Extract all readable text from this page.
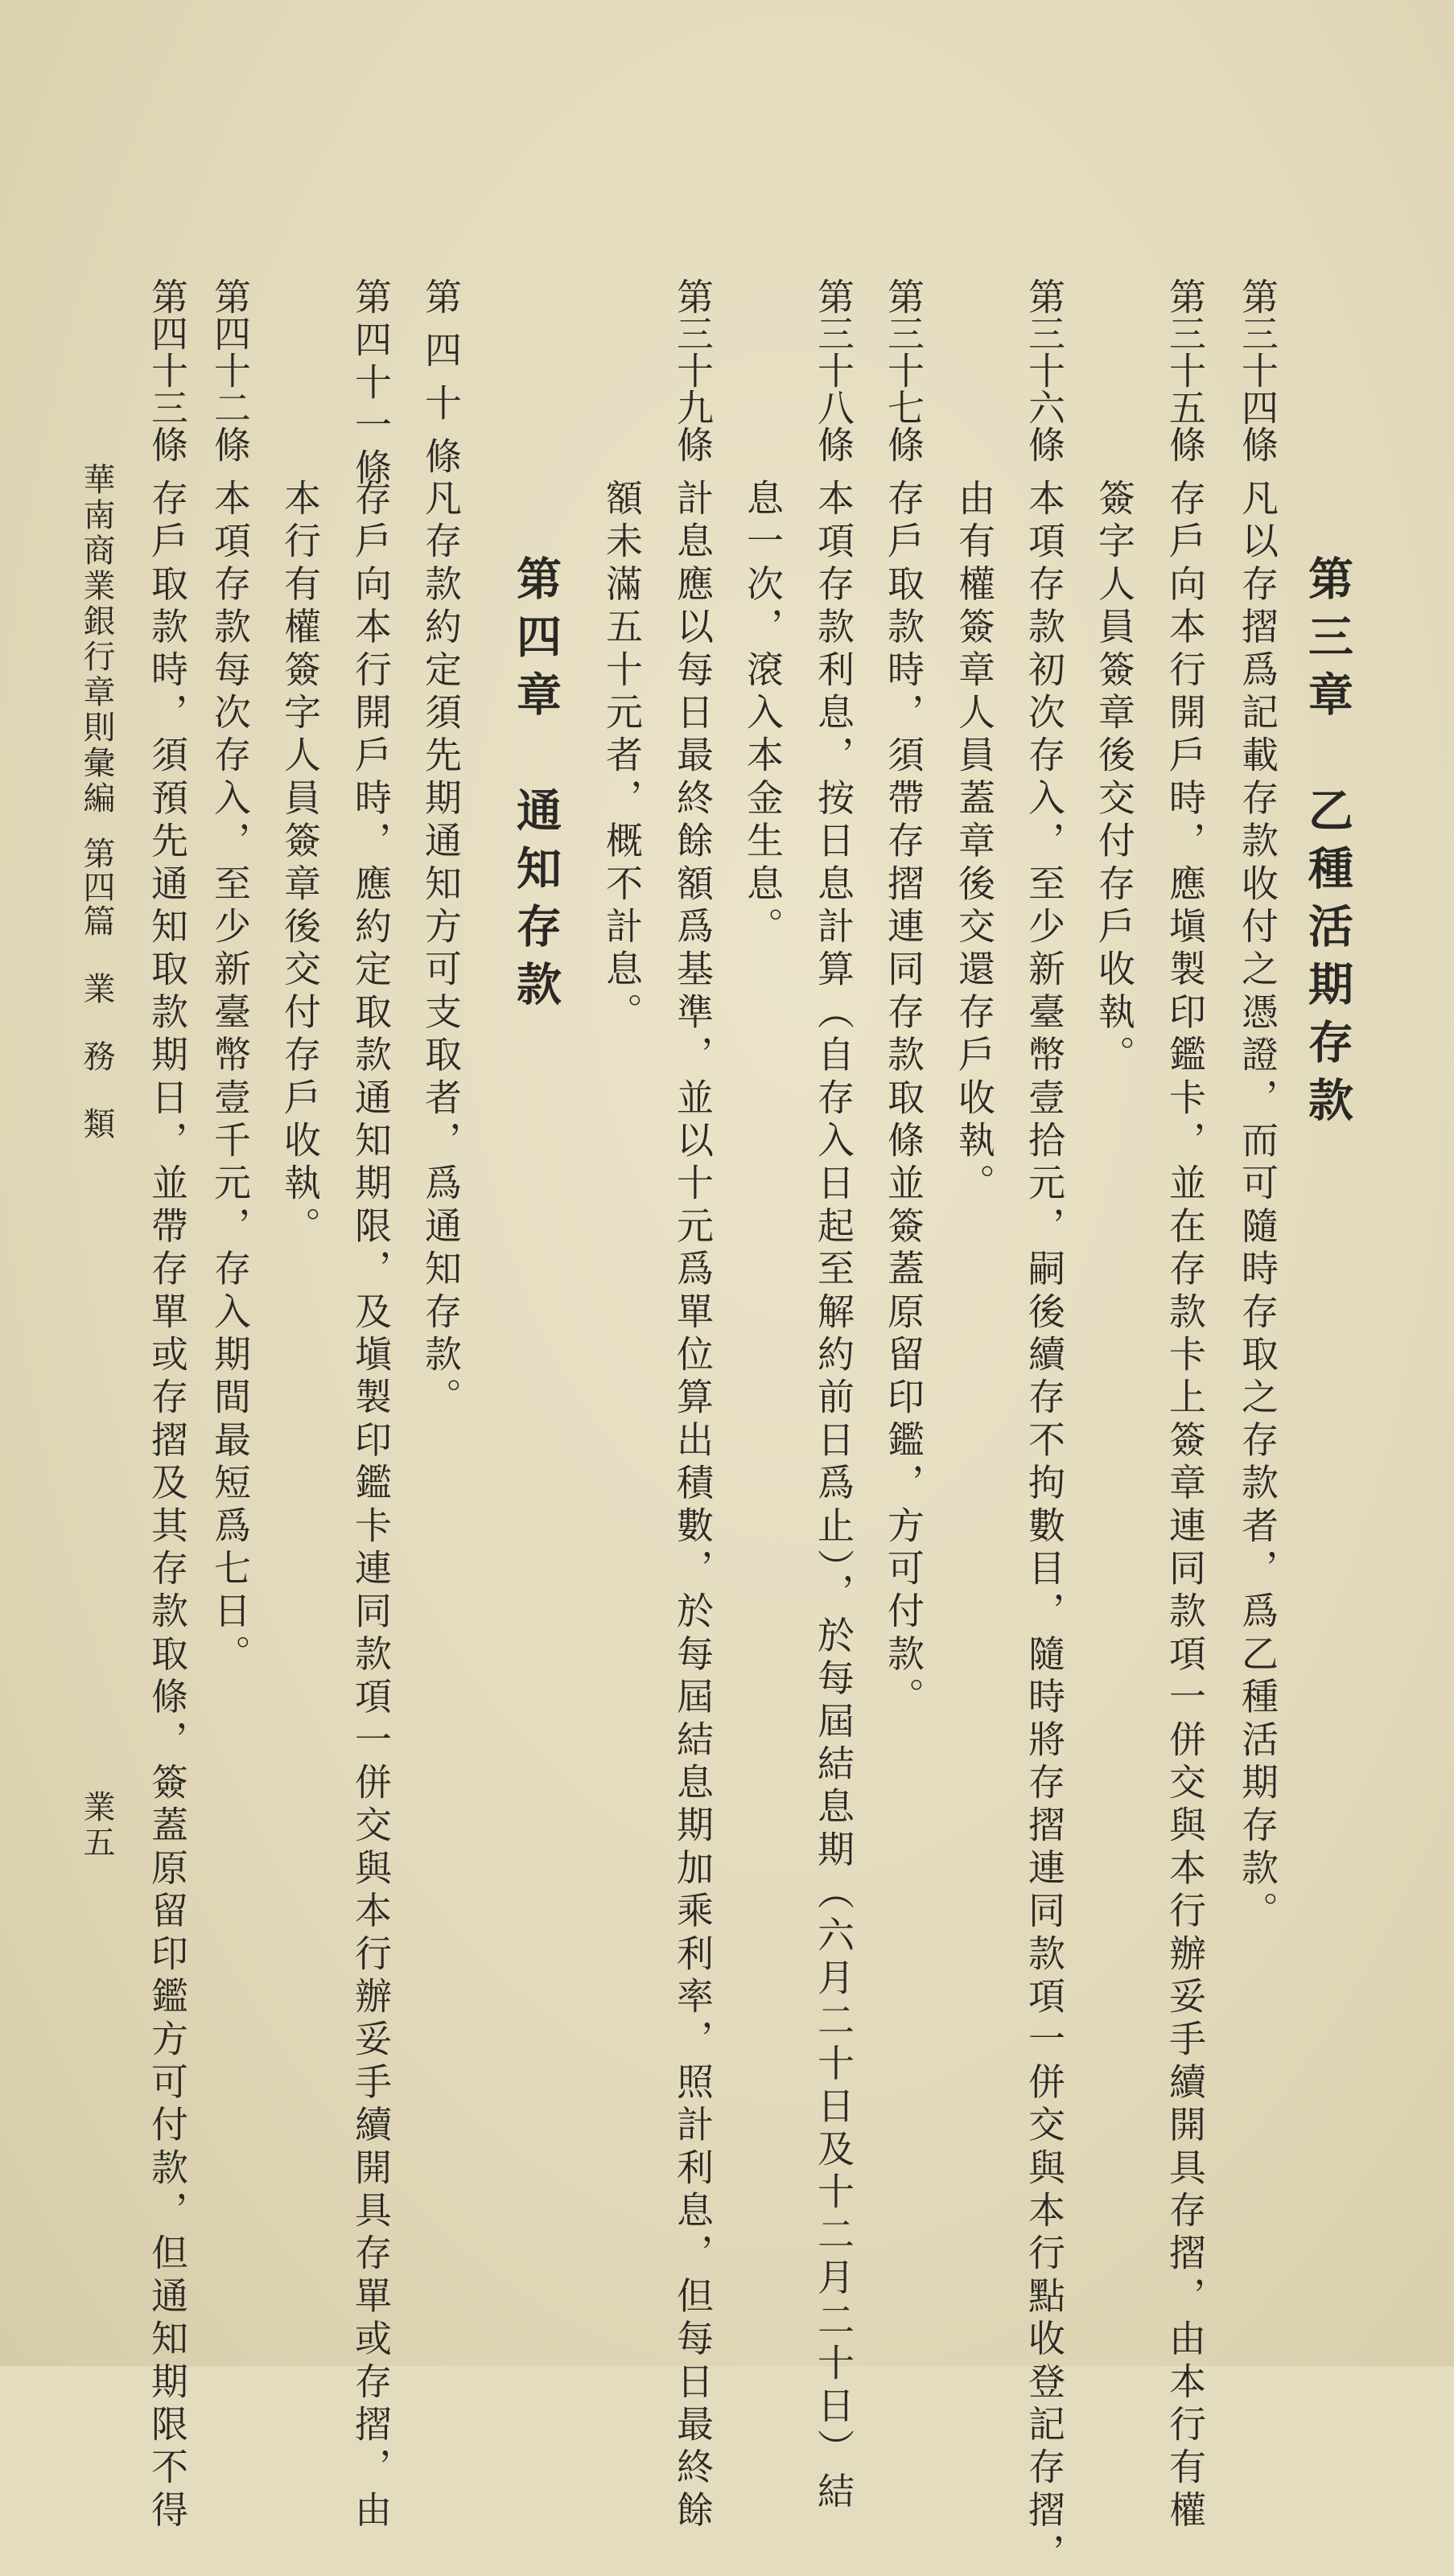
第三章　乙種活期存款
第三十四條
凡以存摺爲記載存款收付之憑證，而可隨時存取之存款者，爲乙種活期存款。
第三十五條
存戶向本行開戶時，應塡製印鑑卡，並在存款卡上簽章連同款項一併交與本行辦妥手續開具存摺，由本行有權
簽字人員簽章後交付存戶收執。
第三十六條
本項存款初次存入，至少新臺幣壹拾元，嗣後續存不拘數目，隨時將存摺連同款項一併交與本行點收登記存摺，
由有權簽章人員蓋章後交還存戶收執。
第三十七條
存戶取款時，須帶存摺連同存款取條並簽蓋原留印鑑，方可付款。
第三十八條
本項存款利息，按日息計算（自存入日起至解約前日爲止），於每屆結息期（六月二十日及十二月二十日）結
息一次，滾入本金生息。
第三十九條
計息應以每日最終餘額爲基準，並以十元爲單位算出積數，於每屆結息期加乘利率，照計利息，但每日最終餘
額未滿五十元者，概不計息。
第四章　通知存款
第四十條
凡存款約定須先期通知方可支取者，爲通知存款。
第四十一條
存戶向本行開戶時，應約定取款通知期限，及塡製印鑑卡連同款項一併交與本行辦妥手續開具存單或存摺，由
本行有權簽字人員簽章後交付存戶收執。
第四十二條
本項存款每次存入，至少新臺幣壹千元，存入期間最短爲七日。
第四十三條
存戶取款時，須預先通知取款期日，並帶存單或存摺及其存款取條，簽蓋原留印鑑方可付款，但通知期限不得
華南商業銀行章則彙編
第四篇　業　務　類
業五
